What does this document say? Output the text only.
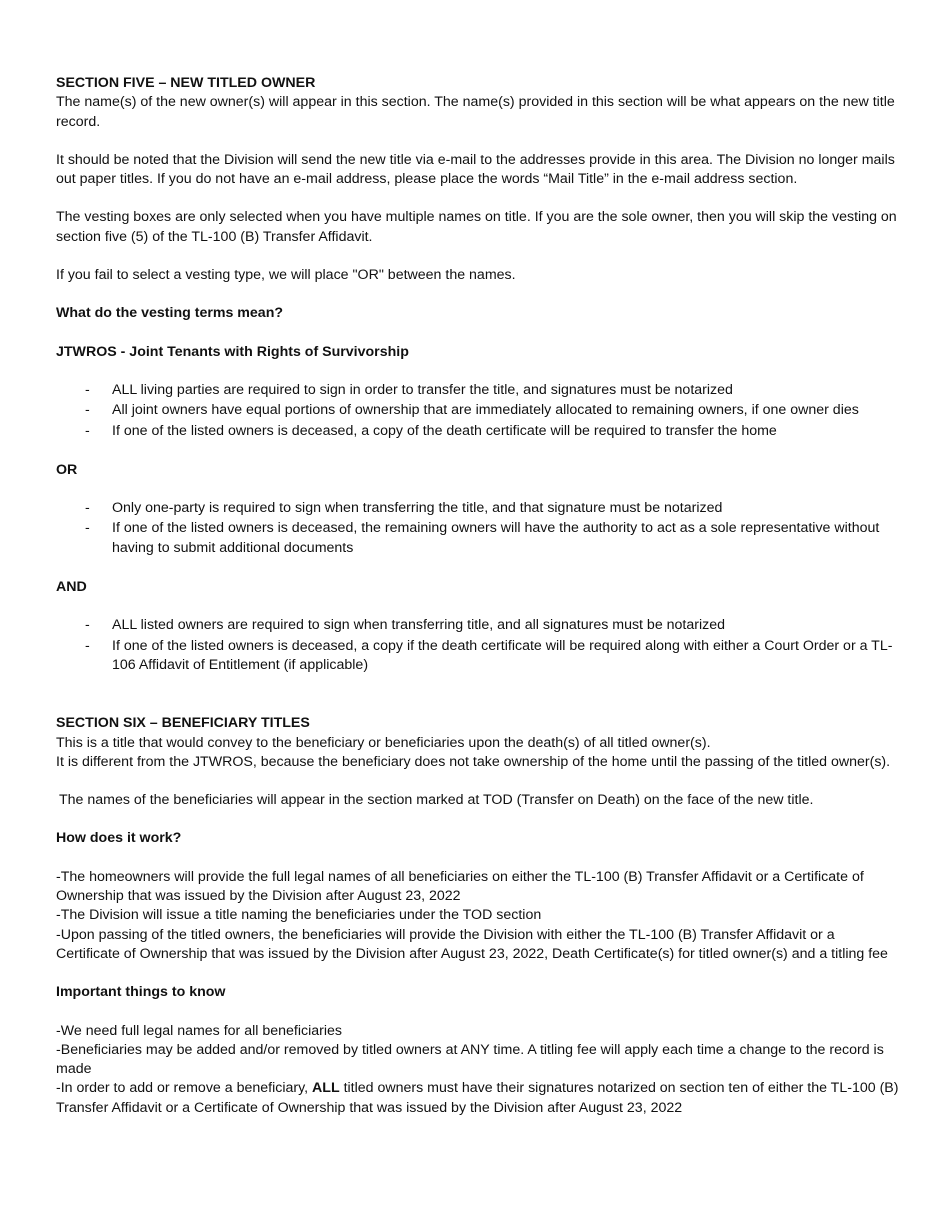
SECTION FIVE – NEW TITLED OWNER

The name(s) of the new owner(s) will appear in this section. The name(s) provided in this section will be what appears on the new title record.

It should be noted that the Division will send the new title via e-mail to the addresses provide in this area. The Division no longer mails out paper titles. If you do not have an e-mail address, please place the words “Mail Title” in the e-mail address section.

The vesting boxes are only selected when you have multiple names on title. If you are the sole owner, then you will skip the vesting on section five (5) of the TL-100 (B) Transfer Affidavit.

If you fail to select a vesting type, we will place "OR" between the names.

What do the vesting terms mean?

JTWROS - Joint Tenants with Rights of Survivorship

- ALL living parties are required to sign in order to transfer the title, and signatures must be notarized
- All joint owners have equal portions of ownership that are immediately allocated to remaining owners, if one owner dies
- If one of the listed owners is deceased, a copy of the death certificate will be required to transfer the home

OR

- Only one-party is required to sign when transferring the title, and that signature must be notarized
- If one of the listed owners is deceased, the remaining owners will have the authority to act as a sole representative without having to submit additional documents

AND

- ALL listed owners are required to sign when transferring title, and all signatures must be notarized
- If one of the listed owners is deceased, a copy if the death certificate will be required along with either a Court Order or a TL-106 Affidavit of Entitlement (if applicable)

SECTION SIX – BENEFICIARY TITLES

This is a title that would convey to the beneficiary or beneficiaries upon the death(s) of all titled owner(s).

It is different from the JTWROS, because the beneficiary does not take ownership of the home until the passing of the titled owner(s).

The names of the beneficiaries will appear in the section marked at TOD (Transfer on Death) on the face of the new title.

How does it work?

-The homeowners will provide the full legal names of all beneficiaries on either the TL-100 (B) Transfer Affidavit or a Certificate of Ownership that was issued by the Division after August 23, 2022

-The Division will issue a title naming the beneficiaries under the TOD section

-Upon passing of the titled owners, the beneficiaries will provide the Division with either the TL-100 (B) Transfer Affidavit or a Certificate of Ownership that was issued by the Division after August 23, 2022, Death Certificate(s) for titled owner(s) and a titling fee

Important things to know

-We need full legal names for all beneficiaries

-Beneficiaries may be added and/or removed by titled owners at ANY time. A titling fee will apply each time a change to the record is made

-In order to add or remove a beneficiary, ALL titled owners must have their signatures notarized on section ten of either the TL-100 (B) Transfer Affidavit or a Certificate of Ownership that was issued by the Division after August 23, 2022
